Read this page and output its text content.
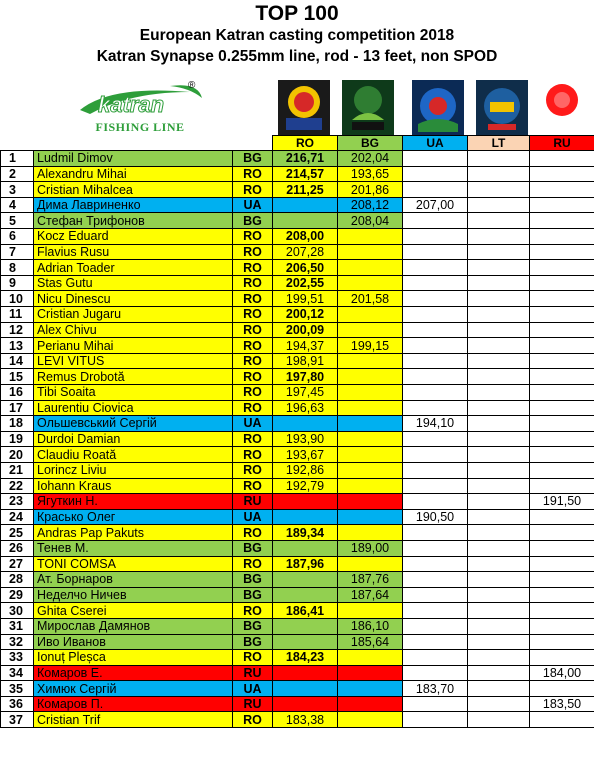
TOP 100
European Katran casting competition 2018
Katran Synapse 0.255mm line, rod - 13 feet, non SPOD
katran
®
FISHING LINE
			RO	BG	UA	LT	RU
1	Ludmil Dimov	BG	216,71	202,04			
2	Alexandru Mihai	RO	214,57	193,65			
3	Cristian Mihalcea	RO	211,25	201,86			
4	Дима Лавриненко	UA		208,12	207,00		
5	Стефан Трифонов	BG		208,04			
6	Kocz Eduard	RO	208,00				
7	Flavius Rusu	RO	207,28				
8	Adrian Toader	RO	206,50				
9	Stas Gutu	RO	202,55				
10	Nicu Dinescu	RO	199,51	201,58			
11	Cristian Jugaru	RO	200,12				
12	Alex Chivu	RO	200,09				
13	Perianu Mihai	RO	194,37	199,15			
14	LEVI VITUS	RO	198,91				
15	Remus Drobotă	RO	197,80				
16	Tibi Soaita	RO	197,45				
17	Laurentiu Ciovica	RO	196,63				
18	Ольшевський Сергій	UA			194,10		
19	Durdoi Damian	RO	193,90				
20	Claudiu Roată	RO	193,67				
21	Lorincz Liviu	RO	192,86				
22	Iohann Kraus	RO	192,79				
23	Ягуткин Н.	RU					191,50
24	Красько Олег	UA			190,50		
25	Andras Pap Pakuts	RO	189,34				
26	Тенев М.	BG		189,00			
27	TONI COMSA	RO	187,96				
28	Ат. Борнаров	BG		187,76			
29	Неделчо Ничев	BG		187,64			
30	Ghita Cserei	RO	186,41				
31	Мирослав Дамянов	BG		186,10			
32	Иво Иванов	BG		185,64			
33	Ionuț Pleșca	RO	184,23				
34	Комаров Е.	RU					184,00
35	Химюк Сергій	UA			183,70		
36	Комаров П.	RU					183,50
37	Cristian Trif	RO	183,38				
